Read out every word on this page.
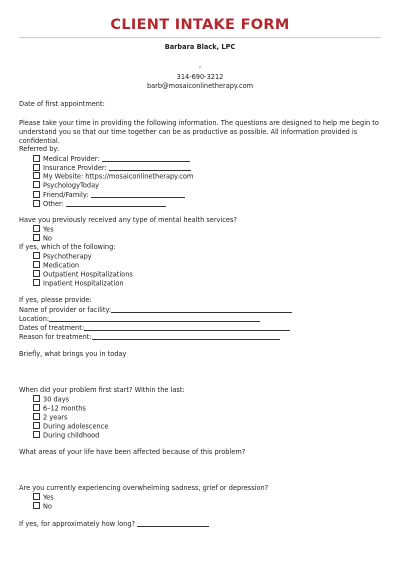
CLIENT INTAKE FORM
Barbara Black, LPC
,
314-690-3212
barb@mosaiconlinetherapy.com
Date of first appointment:
Please take your time in providing the following information. The questions are designed to help me begin to understand you so that our time together can be as productive as possible. All information provided is confidential.
Referred by:
Medical Provider:
Insurance Provider:
My Website: https://mosaiconlinetherapy.com
PsychologyToday
Friend/Family:
Other:
Have you previously received any type of mental health services?
Yes
No
If yes, which of the following:
Psychotherapy
Medication
Outpatient Hospitalizations
Inpatient Hospitalization
If yes, please provide:
Name of provider or facility:
Location:
Dates of treatment:
Reason for treatment:
Briefly, what brings you in today
When did your problem first start? Within the last:
30 days
6–12 months
2 years
During adolescence
During childhood
What areas of your life have been affected because of this problem?
Are you currently experiencing overwhelming sadness, grief or depression?
Yes
No
If yes, for approximately how long?
